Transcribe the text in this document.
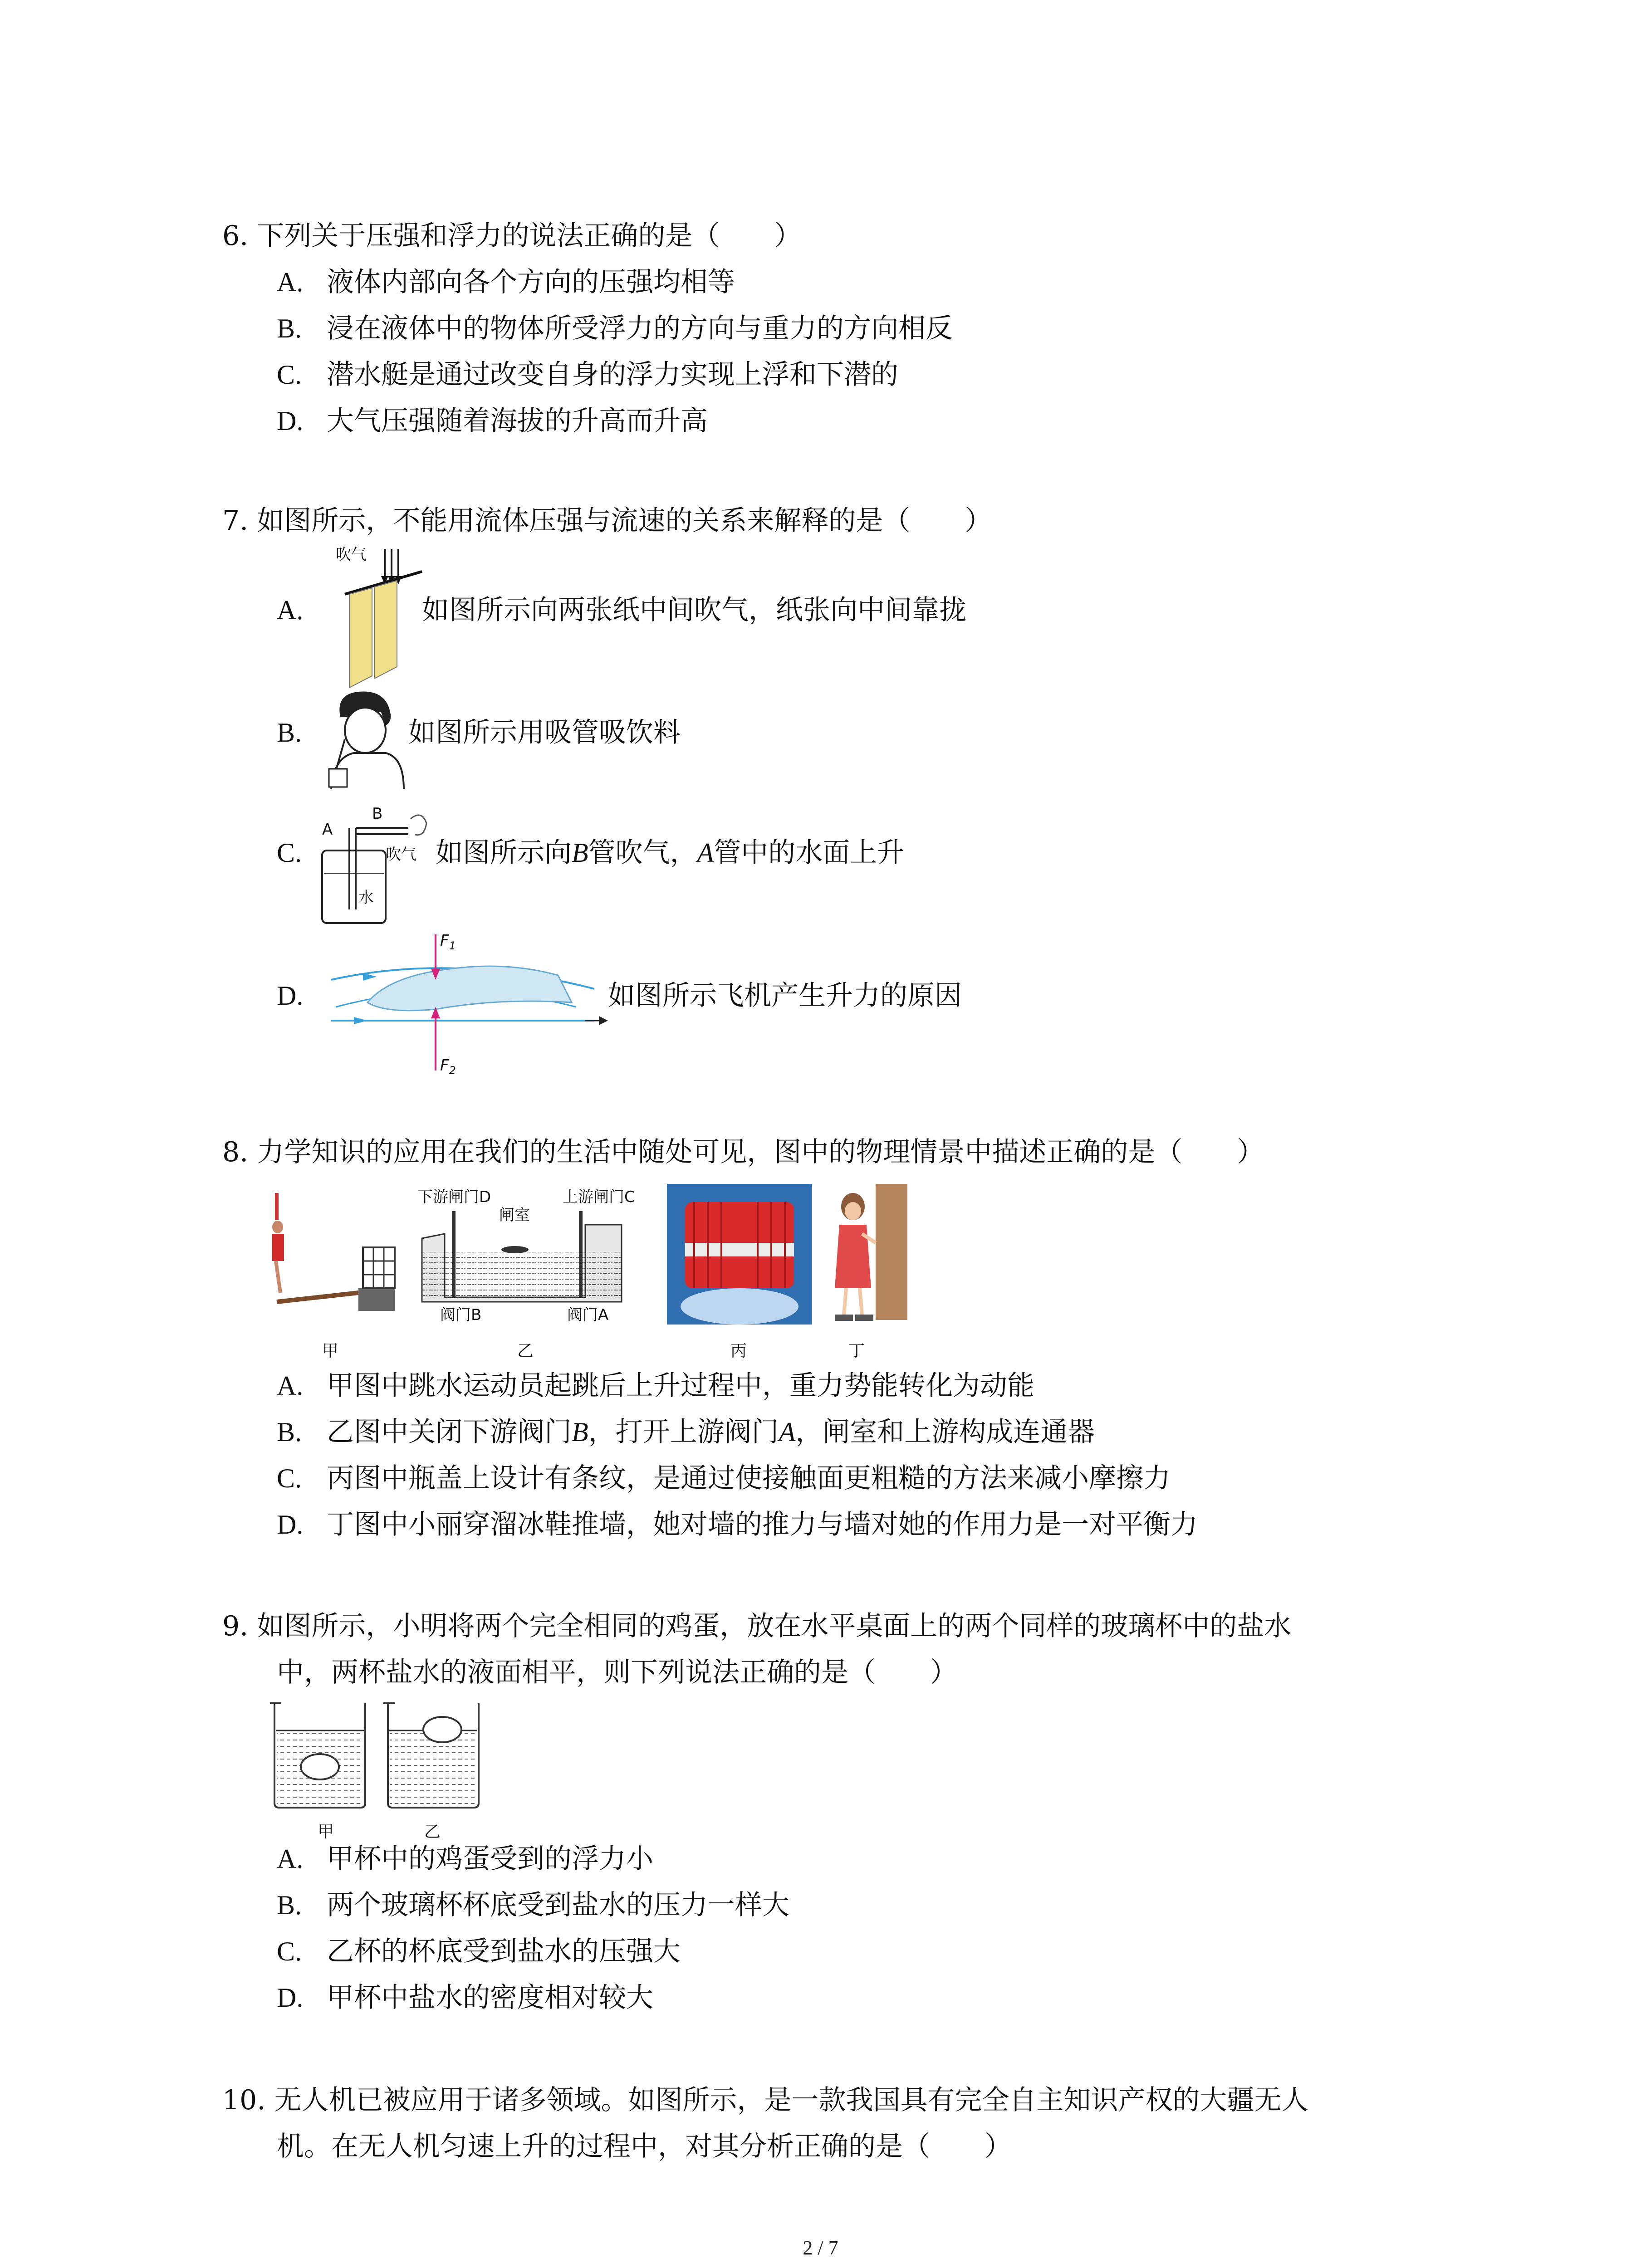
6. 下列关于压强和浮力的说法正确的是（　　）
A. 液体内部向各个方向的压强均相等
B. 浸在液体中的物体所受浮力的方向与重力的方向相反
C. 潜水艇是通过改变自身的浮力实现上浮和下潜的
D. 大气压强随着海拔的升高而升高
7. 如图所示，不能用流体压强与流速的关系来解释的是（　　）
A.
吹气
如图所示向两张纸中间吹气，纸张向中间靠拢
B.	如图所示用吸管吸饮料
C.
A
B
吹气
水
如图所示向B管吹气，A管中的水面上升
D.
$F_1$
$F_2$
如图所示飞机产生升力的原因
8. 力学知识的应用在我们的生活中随处可见，图中的物理情景中描述正确的是（　　）
甲
下游闸门D	上游闸门C
闸室
阀门B	阀门A
乙	丙	丁
A. 甲图中跳水运动员起跳后上升过程中，重力势能转化为动能
B. 乙图中关闭下游阀门B，打开上游阀门A，闸室和上游构成连通器
C. 丙图中瓶盖上设计有条纹，是通过使接触面更粗糙的方法来减小摩擦力
D. 丁图中小丽穿溜冰鞋推墙，她对墙的推力与墙对她的作用力是一对平衡力
9. 如图所示，小明将两个完全相同的鸡蛋，放在水平桌面上的两个同样的玻璃杯中的盐水
中，两杯盐水的液面相平，则下列说法正确的是（　　）
甲	乙
A. 甲杯中的鸡蛋受到的浮力小
B. 两个玻璃杯杯底受到盐水的压力一样大
C. 乙杯的杯底受到盐水的压强大
D. 甲杯中盐水的密度相对较大
10. 无人机已被应用于诸多领域。如图所示，是一款我国具有完全自主知识产权的大疆无人
机。在无人机匀速上升的过程中，对其分析正确的是（　　）
2 / 7
